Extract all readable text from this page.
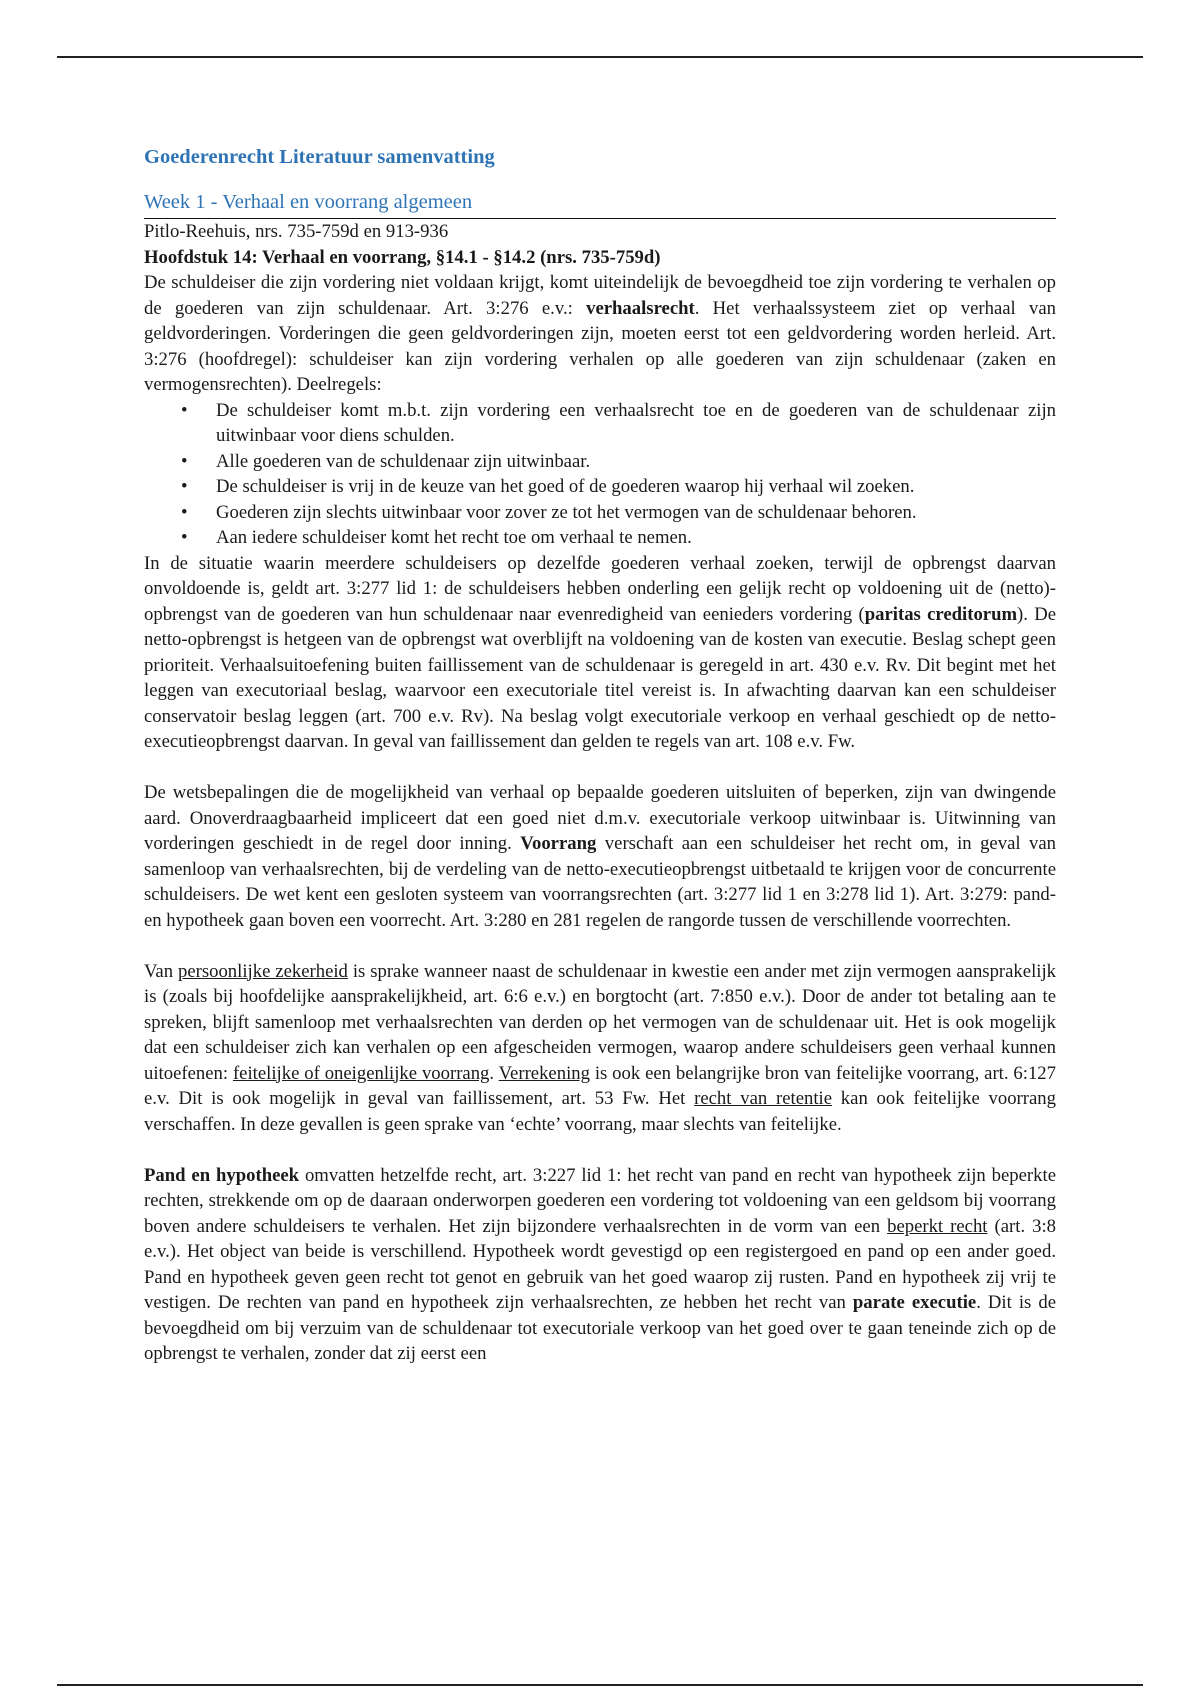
Goederenrecht Literatuur samenvatting
Week 1 - Verhaal en voorrang algemeen
Pitlo-Reehuis, nrs. 735-759d en 913-936
Hoofdstuk 14: Verhaal en voorrang, §14.1 - §14.2 (nrs. 735-759d)

De schuldeiser die zijn vordering niet voldaan krijgt, komt uiteindelijk de bevoegdheid toe zijn vordering te verhalen op de goederen van zijn schuldenaar. Art. 3:276 e.v.: verhaalsrecht. Het verhaalssysteem ziet op verhaal van geldvorderingen. Vorderingen die geen geldvorderingen zijn, moeten eerst tot een geldvordering worden herleid. Art. 3:276 (hoofdregel): schuldeiser kan zijn vordering verhalen op alle goederen van zijn schuldenaar (zaken en vermogensrechten). Deelregels:

• De schuldeiser komt m.b.t. zijn vordering een verhaalsrecht toe en de goederen van de schuldenaar zijn uitwinbaar voor diens schulden.
• Alle goederen van de schuldenaar zijn uitwinbaar.
• De schuldeiser is vrij in de keuze van het goed of de goederen waarop hij verhaal wil zoeken.
• Goederen zijn slechts uitwinbaar voor zover ze tot het vermogen van de schuldenaar behoren.
• Aan iedere schuldeiser komt het recht toe om verhaal te nemen.

In de situatie waarin meerdere schuldeisers op dezelfde goederen verhaal zoeken, terwijl de opbrengst daarvan onvoldoende is, geldt art. 3:277 lid 1: de schuldeisers hebben onderling een gelijk recht op voldoening uit de (netto)-opbrengst van de goederen van hun schuldenaar naar evenredigheid van eenieders vordering (paritas creditorum). De netto-opbrengst is hetgeen van de opbrengst wat overblijft na voldoening van de kosten van executie. Beslag schept geen prioriteit. Verhaalsuitoefening buiten faillissement van de schuldenaar is geregeld in art. 430 e.v. Rv. Dit begint met het leggen van executoriaal beslag, waarvoor een executoriale titel vereist is. In afwachting daarvan kan een schuldeiser conservatoir beslag leggen (art. 700 e.v. Rv). Na beslag volgt executoriale verkoop en verhaal geschiedt op de netto-executieopbrengst daarvan. In geval van faillissement dan gelden te regels van art. 108 e.v. Fw.

De wetsbepalingen die de mogelijkheid van verhaal op bepaalde goederen uitsluiten of beperken, zijn van dwingende aard. Onoverdraagbaarheid impliceert dat een goed niet d.m.v. executoriale verkoop uitwinbaar is. Uitwinning van vorderingen geschiedt in de regel door inning. Voorrang verschaft aan een schuldeiser het recht om, in geval van samenloop van verhaalsrechten, bij de verdeling van de netto-executieopbrengst uitbetaald te krijgen voor de concurrente schuldeisers. De wet kent een gesloten systeem van voorrangsrechten (art. 3:277 lid 1 en 3:278 lid 1). Art. 3:279: pand- en hypotheek gaan boven een voorrecht. Art. 3:280 en 281 regelen de rangorde tussen de verschillende voorrechten.

Van persoonlijke zekerheid is sprake wanneer naast de schuldenaar in kwestie een ander met zijn vermogen aansprakelijk is (zoals bij hoofdelijke aansprakelijkheid, art. 6:6 e.v.) en borgtocht (art. 7:850 e.v.). Door de ander tot betaling aan te spreken, blijft samenloop met verhaalsrechten van derden op het vermogen van de schuldenaar uit. Het is ook mogelijk dat een schuldeiser zich kan verhalen op een afgescheiden vermogen, waarop andere schuldeisers geen verhaal kunnen uitoefenen: feitelijke of oneigenlijke voorrang. Verrekening is ook een belangrijke bron van feitelijke voorrang, art. 6:127 e.v. Dit is ook mogelijk in geval van faillissement, art. 53 Fw. Het recht van retentie kan ook feitelijke voorrang verschaffen. In deze gevallen is geen sprake van ‘echte’ voorrang, maar slechts van feitelijke.

Pand en hypotheek omvatten hetzelfde recht, art. 3:227 lid 1: het recht van pand en recht van hypotheek zijn beperkte rechten, strekkende om op de daaraan onderworpen goederen een vordering tot voldoening van een geldsom bij voorrang boven andere schuldeisers te verhalen. Het zijn bijzondere verhaalsrechten in de vorm van een beperkt recht (art. 3:8 e.v.). Het object van beide is verschillend. Hypotheek wordt gevestigd op een registergoed en pand op een ander goed. Pand en hypotheek geven geen recht tot genot en gebruik van het goed waarop zij rusten. Pand en hypotheek zij vrij te vestigen. De rechten van pand en hypotheek zijn verhaalsrechten, ze hebben het recht van parate executie. Dit is de bevoegdheid om bij verzuim van de schuldenaar tot executoriale verkoop van het goed over te gaan teneinde zich op de opbrengst te verhalen, zonder dat zij eerst een
